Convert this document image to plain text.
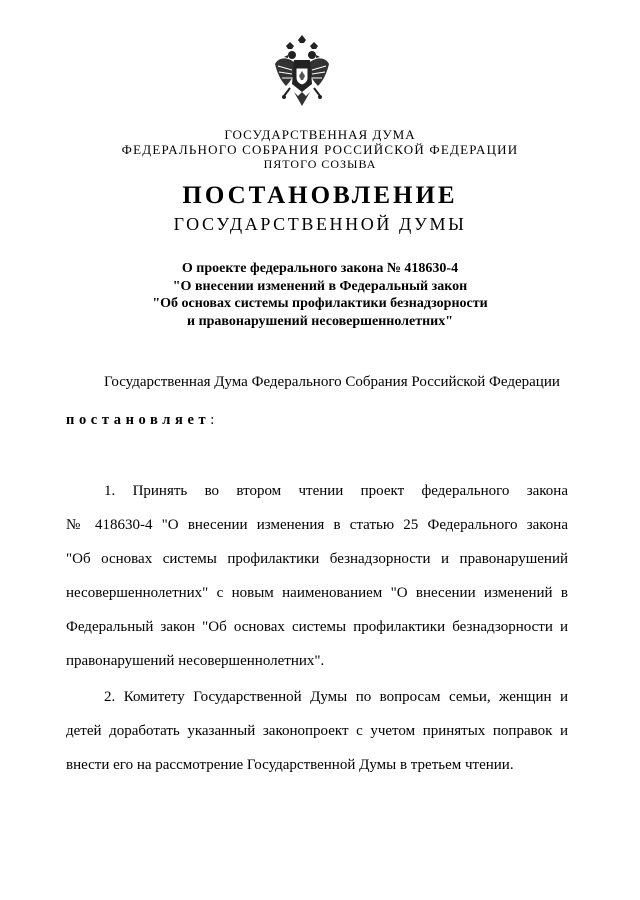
ГОСУДАРСТВЕННАЯ ДУМА
ФЕДЕРАЛЬНОГО СОБРАНИЯ РОССИЙСКОЙ ФЕДЕРАЦИИ
ПЯТОГО СОЗЫВА
ПОСТАНОВЛЕНИЕ
ГОСУДАРСТВЕННОЙ ДУМЫ
О проекте федерального закона № 418630-4
"О внесении изменений в Федеральный закон
"Об основах системы профилактики безнадзорности
и правонарушений несовершеннолетних"
Государственная Дума Федерального Собрания Российской Федерации
постановляет:
1. Принять во втором чтении проект федерального закона
№ 418630-4 "О внесении изменения в статью 25 Федерального закона
"Об основах системы профилактики безнадзорности и правонарушений
несовершеннолетних" с новым наименованием "О внесении изменений в
Федеральный закон "Об основах системы профилактики безнадзорности и
правонарушений несовершеннолетних".
2. Комитету Государственной Думы по вопросам семьи, женщин и
детей доработать указанный законопроект с учетом принятых поправок и
внести его на рассмотрение Государственной Думы в третьем чтении.
